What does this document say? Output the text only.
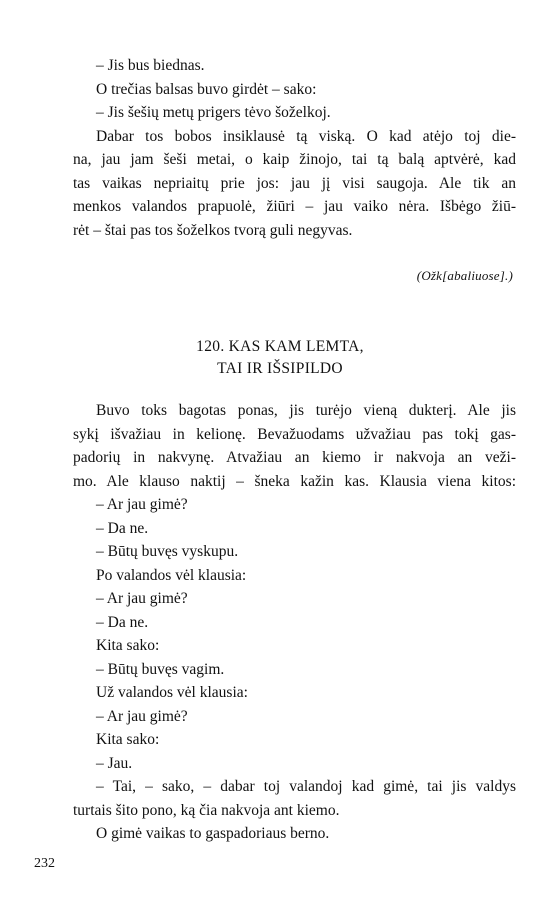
– Jis bus biednas.
O trečias balsas buvo girdėt – sako:
– Jis šešių metų prigers tėvo šoželkoj.
Dabar tos bobos insiklausė tą viską. O kad atėjo toj die-
na, jau jam šeši metai, o kaip žinojo, tai tą balą aptvėrė, kad
tas vaikas nepriaitų prie jos: jau jį visi saugoja. Ale tik an
menkos valandos prapuolė, žiūri – jau vaiko nėra. Išbėgo žiū-
rėt – štai pas tos šoželkos tvorą guli negyvas.
(Ožk[abaliuose].)
120. KAS KAM LEMTA,
TAI IR IŠSIPILDO
Buvo toks bagotas ponas, jis turėjo vieną dukterį. Ale jis
sykį išvažiau in kelionę. Bevažuodams užvažiau pas tokį gas-
padorių in nakvynę. Atvažiau an kiemo ir nakvoja an veži-
mo. Ale klauso naktij – šneka kažin kas. Klausia viena kitos:
– Ar jau gimė?
– Da ne.
– Būtų buvęs vyskupu.
Po valandos vėl klausia:
– Ar jau gimė?
– Da ne.
Kita sako:
– Būtų buvęs vagim.
Už valandos vėl klausia:
– Ar jau gimė?
Kita sako:
– Jau.
– Tai, – sako, – dabar toj valandoj kad gimė, tai jis valdys
turtais šito pono, ką čia nakvoja ant kiemo.
O gimė vaikas to gaspadoriaus berno.
232
